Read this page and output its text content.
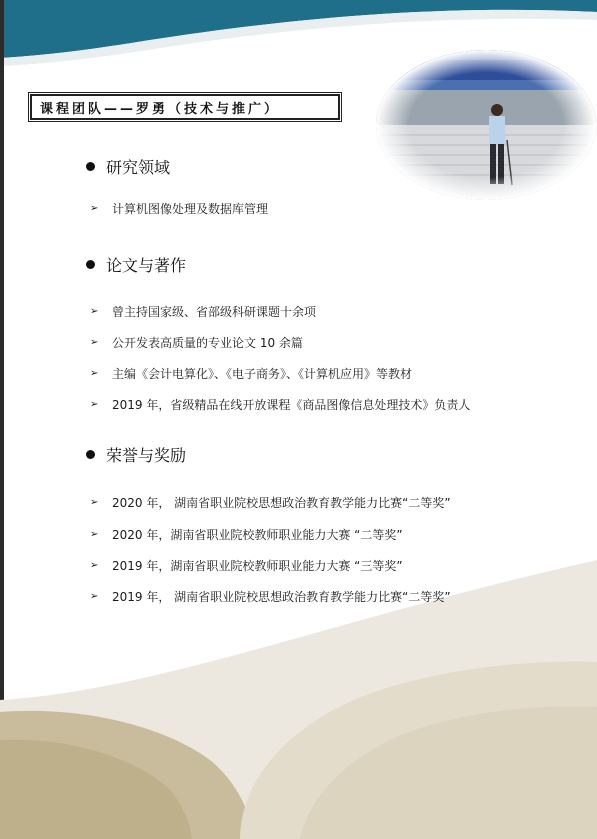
课程团队——罗勇（技术与推广）
研究领域
➢ 计算机图像处理及数据库管理
论文与著作
➢ 曾主持国家级、省部级科研课题十余项
➢ 公开发表高质量的专业论文 10 余篇
➢ 主编《会计电算化》、《电子商务》、《计算机应用》等教材
➢ 2019 年，省级精品在线开放课程《商品图像信息处理技术》负责人
荣誉与奖励
➢ 2020 年， 湖南省职业院校思想政治教育教学能力比赛“二等奖”
➢ 2020 年，湖南省职业院校教师职业能力大赛 “二等奖”
➢ 2019 年，湖南省职业院校教师职业能力大赛 “三等奖”
➢ 2019 年， 湖南省职业院校思想政治教育教学能力比赛“二等奖”
